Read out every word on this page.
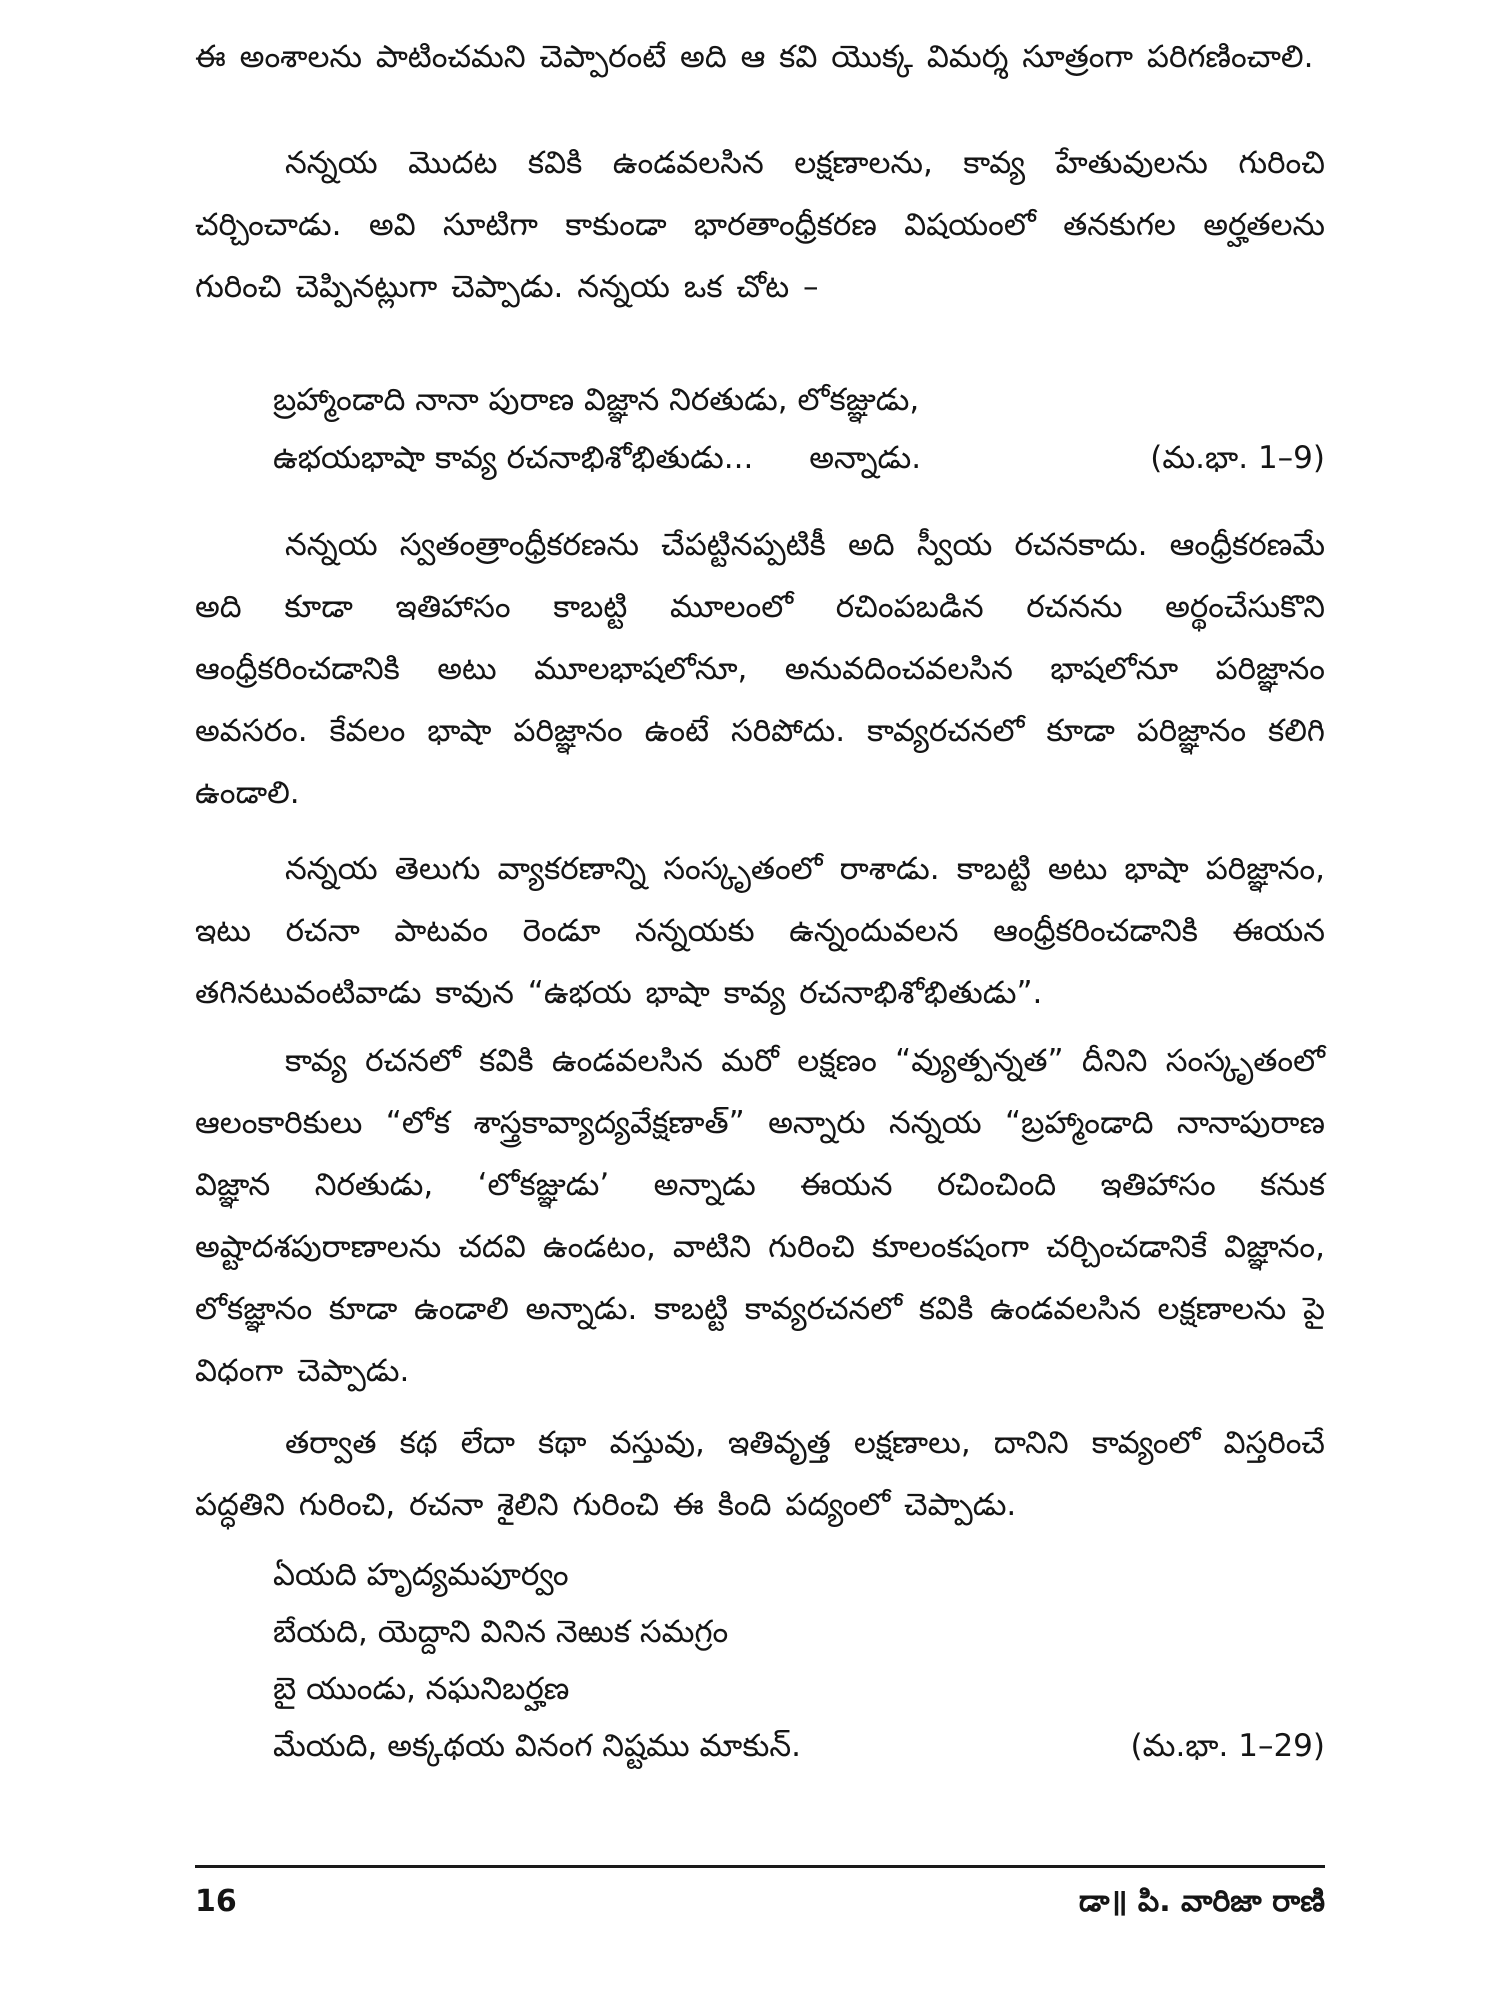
ఈ అంశాలను పాటించమని చెప్పారంటే అది ఆ కవి యొక్క విమర్శ సూత్రంగా పరిగణించాలి.

నన్నయ మొదట కవికి ఉండవలసిన లక్షణాలను, కావ్య హేతువులను గురించి చర్చించాడు. అవి సూటిగా కాకుండా భారతాంధ్రీకరణ విషయంలో తనకుగల అర్హతలను గురించి చెప్పినట్లుగా చెప్పాడు. నన్నయ ఒక చోట –

బ్రహ్మాండాది నానా పురాణ విజ్ఞాన నిరతుడు, లోకజ్ఞుడు,
ఉభయభాషా కావ్య రచనాభిశోభితుడు... అన్నాడు.	(మ.భా. 1–9)

నన్నయ స్వతంత్రాంధ్రీకరణను చేపట్టినప్పటికీ అది స్వీయ రచనకాదు. ఆంధ్రీకరణమే అది కూడా ఇతిహాసం కాబట్టి మూలంలో రచింపబడిన రచనను అర్థంచేసుకొని ఆంధ్రీకరించడానికి అటు మూలభాషలోనూ, అనువదించవలసిన భాషలోనూ పరిజ్ఞానం అవసరం. కేవలం భాషా పరిజ్ఞానం ఉంటే సరిపోదు. కావ్యరచనలో కూడా పరిజ్ఞానం కలిగి ఉండాలి.

నన్నయ తెలుగు వ్యాకరణాన్ని సంస్కృతంలో రాశాడు. కాబట్టి అటు భాషా పరిజ్ఞానం, ఇటు రచనా పాటవం రెండూ నన్నయకు ఉన్నందువలన ఆంధ్రీకరించడానికి ఈయన తగినటువంటివాడు కావున “ఉభయ భాషా కావ్య రచనాభిశోభితుడు”.

కావ్య రచనలో కవికి ఉండవలసిన మరో లక్షణం “వ్యుత్పన్నత” దీనిని సంస్కృతంలో ఆలంకారికులు “లోక శాస్త్రకావ్యాద్యవేక్షణాత్” అన్నారు నన్నయ “బ్రహ్మాండాది నానాపురాణ విజ్ఞాన నిరతుడు, ‘లోకజ్ఞుడు’ అన్నాడు ఈయన రచించింది ఇతిహాసం కనుక అష్టాదశపురాణాలను చదవి ఉండటం, వాటిని గురించి కూలంకషంగా చర్చించడానికే విజ్ఞానం, లోకజ్ఞానం కూడా ఉండాలి అన్నాడు. కాబట్టి కావ్యరచనలో కవికి ఉండవలసిన లక్షణాలను పై విధంగా చెప్పాడు.

తర్వాత కథ లేదా కథా వస్తువు, ఇతివృత్త లక్షణాలు, దానిని కావ్యంలో విస్తరించే పద్ధతిని గురించి, రచనా శైలిని గురించి ఈ కింది పద్యంలో చెప్పాడు.

ఏయది హృద్యమపూర్వం
బేయది, యెద్దాని వినిన నెఱుక సమగ్రం
బై యుండు, నఘనిబర్హణ
మేయది, అక్కథయ వినంగ నిష్టము మాకున్.	(మ.భా. 1–29)
16	డా॥ పి. వారిజా రాణి
